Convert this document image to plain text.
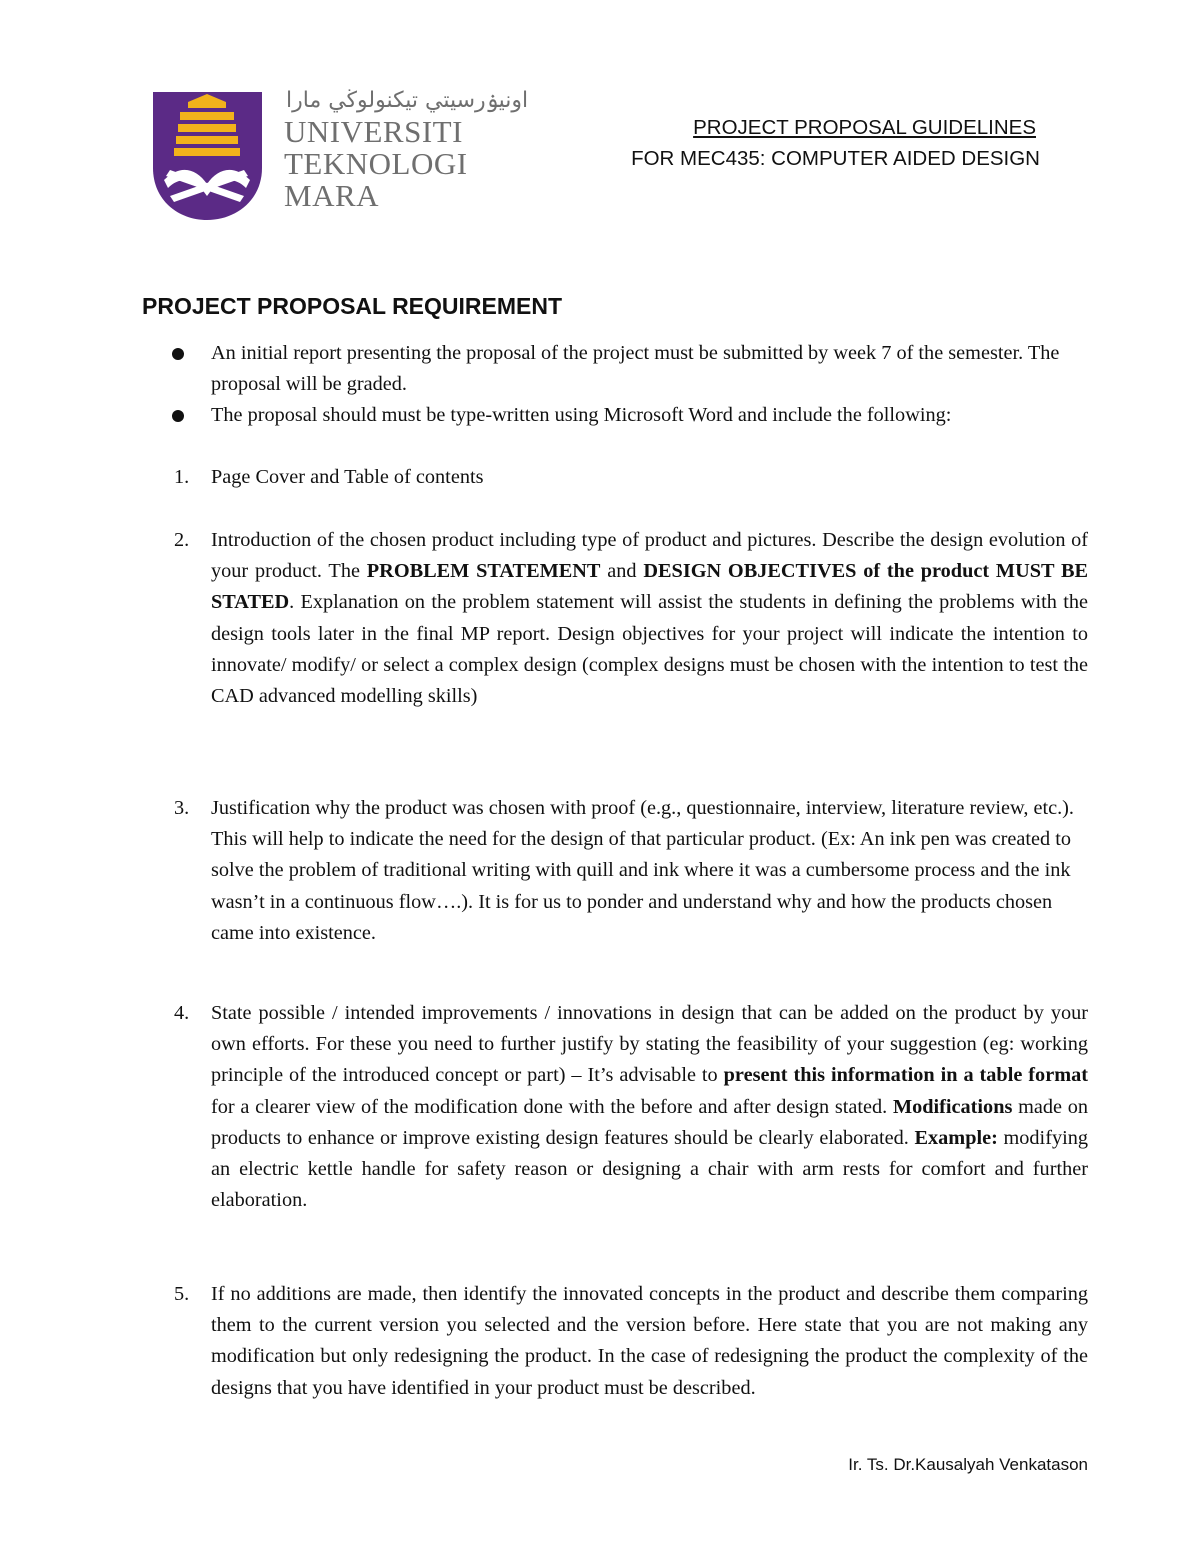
اونيۏرسيتي تيكنولوڬي مارا
UNIVERSITI
TEKNOLOGI
MARA
PROJECT PROPOSAL GUIDELINES
FOR MEC435: COMPUTER AIDED DESIGN
PROJECT PROPOSAL REQUIREMENT
An initial report presenting the proposal of the project must be submitted by week 7 of the semester. The proposal will be graded.
The proposal should must be type-written using Microsoft Word and include the following:
1. Page Cover and Table of contents
2. Introduction of the chosen product including type of product and pictures. Describe the design evolution of your product. The PROBLEM STATEMENT and DESIGN OBJECTIVES of the product MUST BE STATED. Explanation on the problem statement will assist the students in defining the problems with the design tools later in the final MP report. Design objectives for your project will indicate the intention to innovate/ modify/ or select a complex design (complex designs must be chosen with the intention to test the CAD advanced modelling skills)
3. Justification why the product was chosen with proof (e.g., questionnaire, interview, literature review, etc.). This will help to indicate the need for the design of that particular product. (Ex: An ink pen was created to solve the problem of traditional writing with quill and ink where it was a cumbersome process and the ink wasn’t in a continuous flow….). It is for us to ponder and understand why and how the products chosen came into existence.
4. State possible / intended improvements / innovations in design that can be added on the product by your own efforts. For these you need to further justify by stating the feasibility of your suggestion (eg: working principle of the introduced concept or part) – It’s advisable to present this information in a table format for a clearer view of the modification done with the before and after design stated. Modifications made on products to enhance or improve existing design features should be clearly elaborated. Example: modifying an electric kettle handle for safety reason or designing a chair with arm rests for comfort and further elaboration.
5. If no additions are made, then identify the innovated concepts in the product and describe them comparing them to the current version you selected and the version before. Here state that you are not making any modification but only redesigning the product. In the case of redesigning the product the complexity of the designs that you have identified in your product must be described.
Ir. Ts. Dr.Kausalyah Venkatason
